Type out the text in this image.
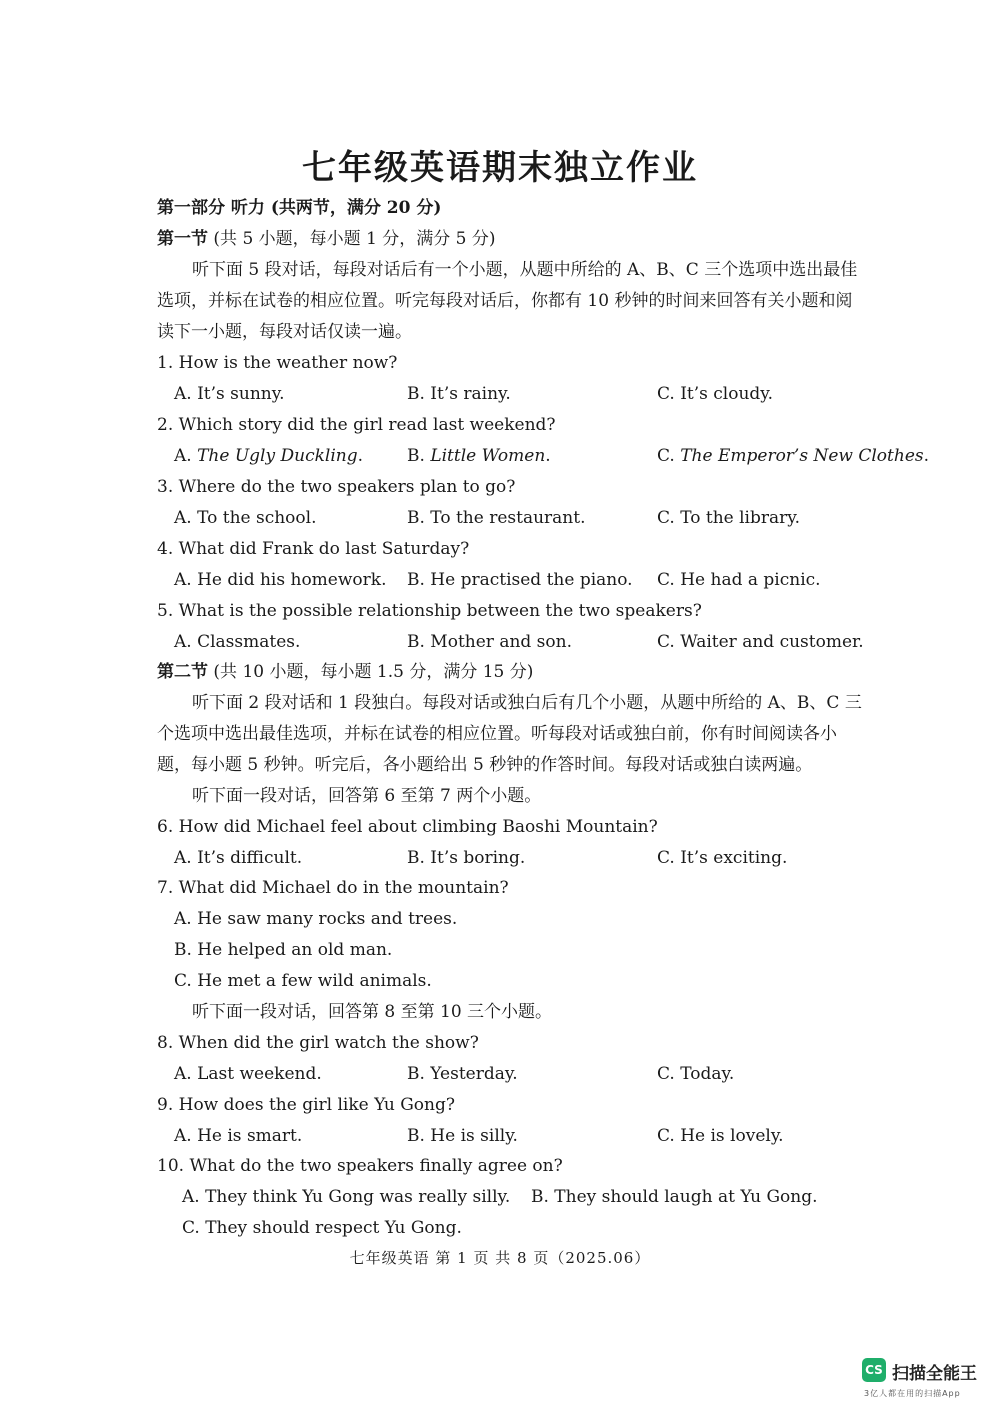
七年级英语期末独立作业
第一部分 听力 (共两节，满分 20 分)
第一节 (共 5 小题，每小题 1 分，满分 5 分)
听下面 5 段对话，每段对话后有一个小题，从题中所给的 A、B、C 三个选项中选出最佳
选项，并标在试卷的相应位置。听完每段对话后，你都有 10 秒钟的时间来回答有关小题和阅
读下一小题，每段对话仅读一遍。
1. How is the weather now?
A. It’s sunny.	B. It’s rainy.	C. It’s cloudy.
2. Which story did the girl read last weekend?
A. The Ugly Duckling.	B. Little Women.	C. The Emperor’s New Clothes.
3. Where do the two speakers plan to go?
A. To the school.	B. To the restaurant.	C. To the library.
4. What did Frank do last Saturday?
A. He did his homework. B. He practised the piano. C. He had a picnic.
5. What is the possible relationship between the two speakers?
A. Classmates.	B. Mother and son.	C. Waiter and customer.
第二节 (共 10 小题，每小题 1.5 分，满分 15 分)
听下面 2 段对话和 1 段独白。每段对话或独白后有几个小题，从题中所给的 A、B、C 三
个选项中选出最佳选项，并标在试卷的相应位置。听每段对话或独白前，你有时间阅读各小
题，每小题 5 秒钟。听完后，各小题给出 5 秒钟的作答时间。每段对话或独白读两遍。
听下面一段对话，回答第 6 至第 7 两个小题。
6. How did Michael feel about climbing Baoshi Mountain?
A. It’s difficult.	B. It’s boring.	C. It’s exciting.
7. What did Michael do in the mountain?
A. He saw many rocks and trees.
B. He helped an old man.
C. He met a few wild animals.
听下面一段对话，回答第 8 至第 10 三个小题。
8. When did the girl watch the show?
A. Last weekend.	B. Yesterday.	C. Today.
9. How does the girl like Yu Gong?
A. He is smart.	B. He is silly.	C. He is lovely.
10. What do the two speakers finally agree on?
A. They think Yu Gong was really silly. B. They should laugh at Yu Gong.
C. They should respect Yu Gong.
七年级英语 第 1 页 共 8 页（2025.06）
CS 扫描全能王
3亿人都在用的扫描App
